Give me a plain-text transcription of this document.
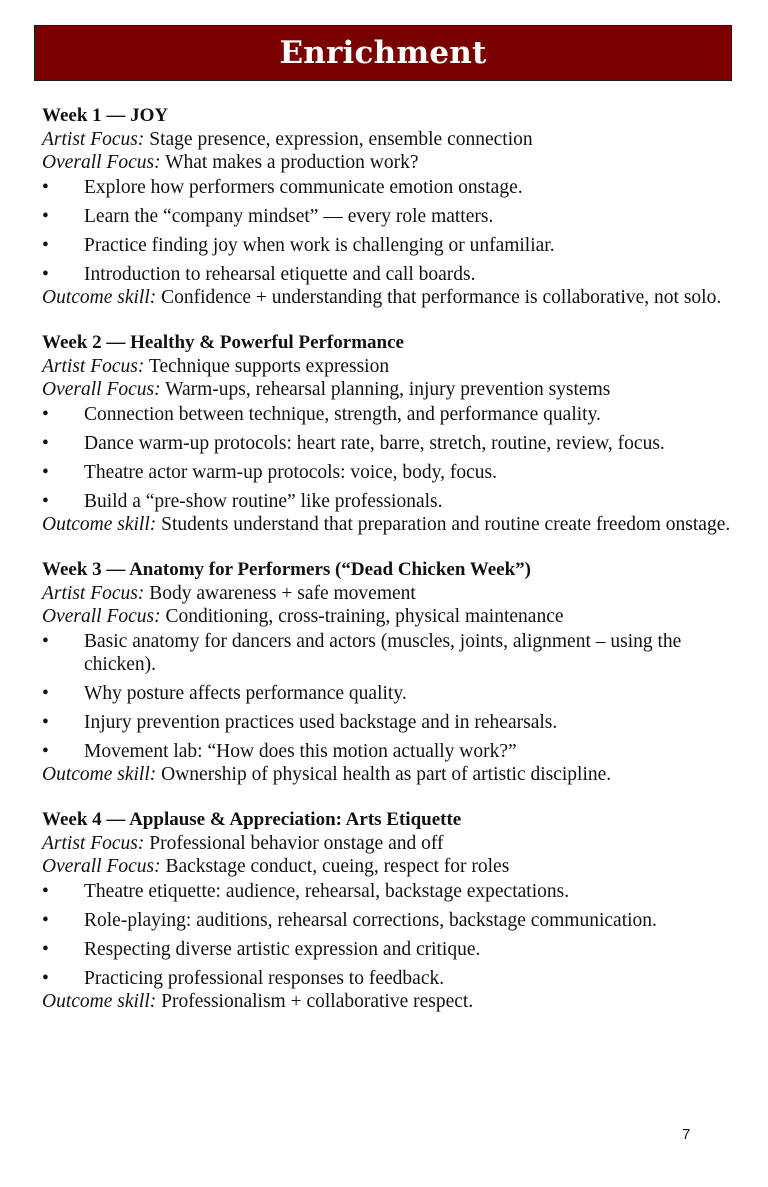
Enrichment
Week 1 — JOY
Artist Focus: Stage presence, expression, ensemble connection
Overall Focus: What makes a production work?
•	Explore how performers communicate emotion onstage.
•	Learn the “company mindset” — every role matters.
•	Practice finding joy when work is challenging or unfamiliar.
•	Introduction to rehearsal etiquette and call boards.
Outcome skill: Confidence + understanding that performance is collaborative, not solo.
Week 2 — Healthy & Powerful Performance
Artist Focus: Technique supports expression
Overall Focus: Warm-ups, rehearsal planning, injury prevention systems
•	Connection between technique, strength, and performance quality.
•	Dance warm-up protocols: heart rate, barre, stretch, routine, review, focus.
•	Theatre actor warm-up protocols: voice, body, focus.
•	Build a “pre-show routine” like professionals.
Outcome skill: Students understand that preparation and routine create freedom onstage.
Week 3 — Anatomy for Performers (“Dead Chicken Week”)
Artist Focus: Body awareness + safe movement
Overall Focus: Conditioning, cross-training, physical maintenance
•	Basic anatomy for dancers and actors (muscles, joints, alignment – using the chicken).
•	Why posture affects performance quality.
•	Injury prevention practices used backstage and in rehearsals.
•	Movement lab: “How does this motion actually work?”
Outcome skill: Ownership of physical health as part of artistic discipline.
Week 4 — Applause & Appreciation: Arts Etiquette
Artist Focus: Professional behavior onstage and off
Overall Focus: Backstage conduct, cueing, respect for roles
•	Theatre etiquette: audience, rehearsal, backstage expectations.
•	Role-playing: auditions, rehearsal corrections, backstage communication.
•	Respecting diverse artistic expression and critique.
•	Practicing professional responses to feedback.
Outcome skill: Professionalism + collaborative respect.
7
